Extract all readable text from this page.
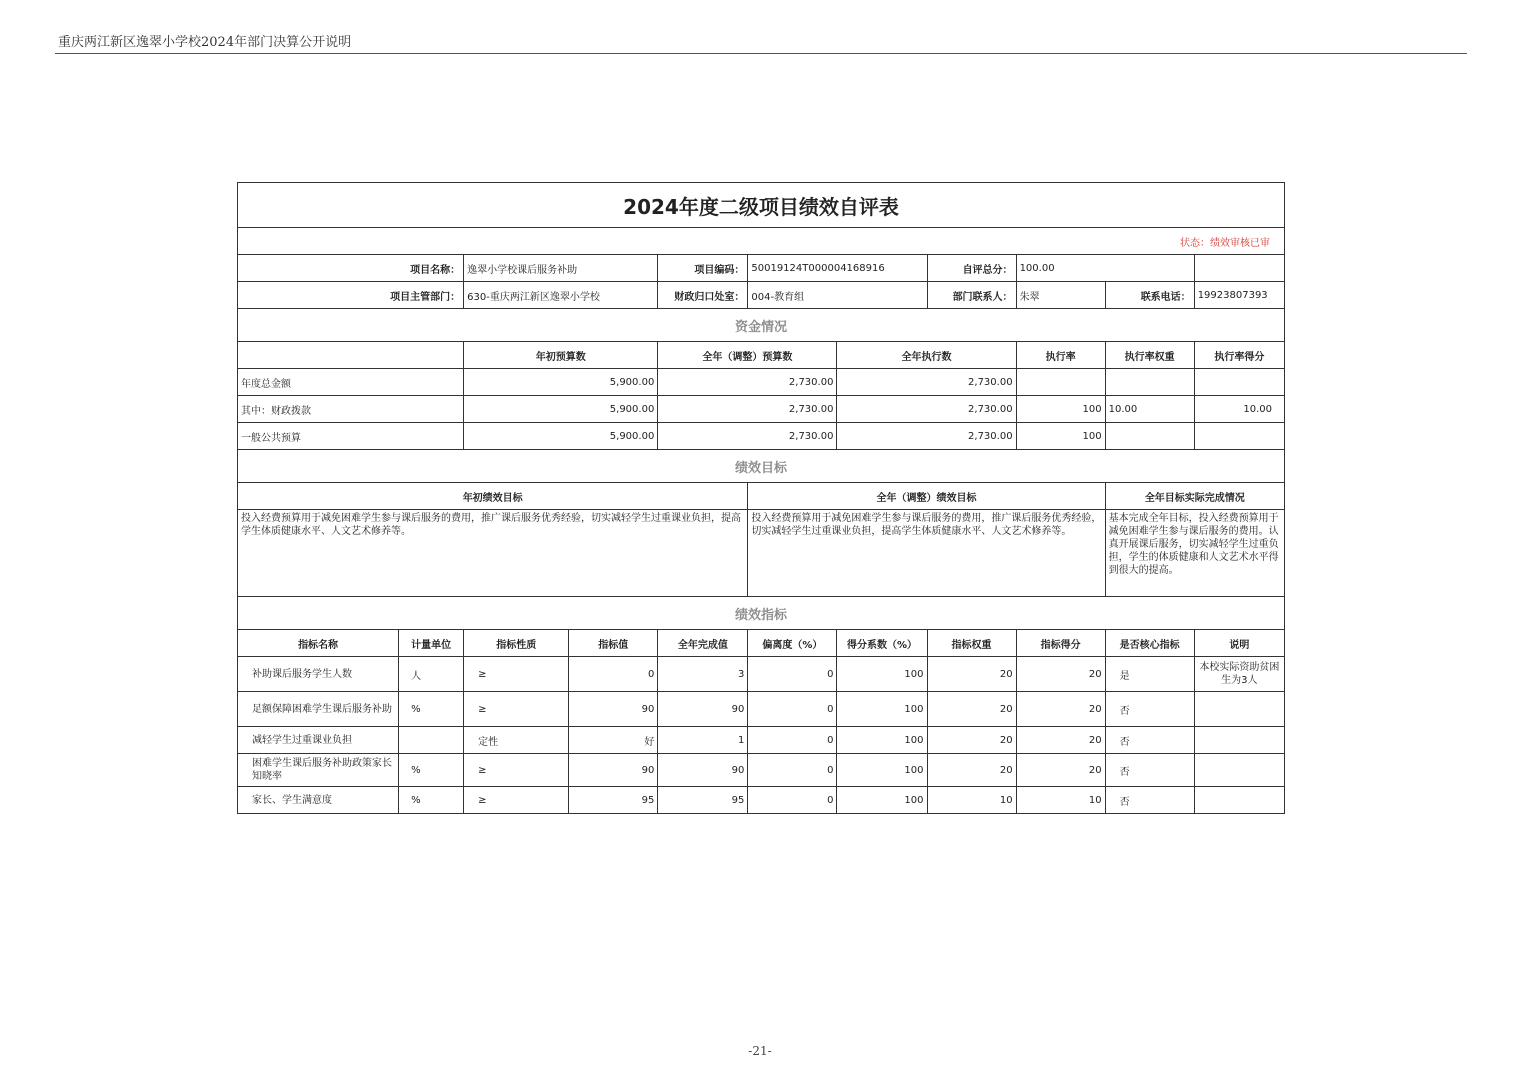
重庆两江新区逸翠小学校2024年部门决算公开说明
2024年度二级项目绩效自评表										
状态：绩效审核已审										
项目名称：		逸翠小学校课后服务补助		项目编码：	50019124T000004168916		自评总分：	100.00		
项目主管部门：		630-重庆两江新区逸翠小学校		财政归口处室：	004-教育组		部门联系人：	朱翠	联系电话：	19923807393
资金情况										
		年初预算数		全年（调整）预算数		全年执行数		执行率	执行率权重	执行率得分
年度总金额		5,900.00		2,730.00		2,730.00				
其中：财政拨款		5,900.00		2,730.00		2,730.00		100	10.00	10.00
一般公共预算		5,900.00		2,730.00		2,730.00		100		
绩效目标										
年初绩效目标					全年（调整）绩效目标				全年目标实际完成情况	
投入经费预算用于减免困难学生参与课后服务的费用，推广课后服务优秀经验，切实减轻学生过重课业负担，提高学生体质健康水平、人文艺术修养等。					投入经费预算用于减免困难学生参与课后服务的费用，推广课后服务优秀经验，切实减轻学生过重课业负担，提高学生体质健康水平、人文艺术修养等。				基本完成全年目标，投入经费预算用于减免困难学生参与课后服务的费用。认真开展课后服务，切实减轻学生过重负担，学生的体质健康和人文艺术水平得到很大的提高。	
绩效指标										
指标名称	计量单位	指标性质	指标值	全年完成值	偏离度（%）	得分系数（%）	指标权重	指标得分	是否核心指标	说明
补助课后服务学生人数	人	≥	0	3	0	100	20	20	是	本校实际资助贫困生为3人
足额保障困难学生课后服务补助	%	≥	90	90	0	100	20	20	否	
减轻学生过重课业负担		定性	好	1	0	100	20	20	否	
困难学生课后服务补助政策家长知晓率	%	≥	90	90	0	100	20	20	否	
家长、学生满意度	%	≥	95	95	0	100	10	10	否	
-21-
